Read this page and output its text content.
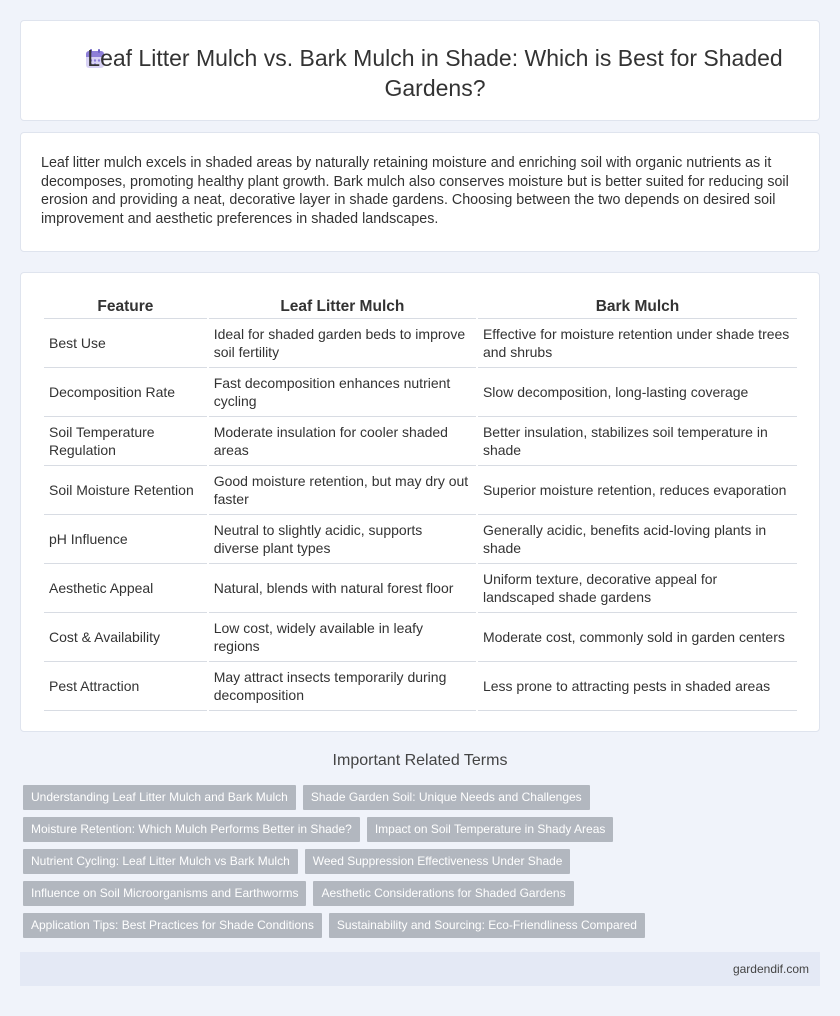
Leaf Litter Mulch vs. Bark Mulch in Shade: Which is Best for Shaded Gardens?

Leaf litter mulch excels in shaded areas by naturally retaining moisture and enriching soil with organic nutrients as it decomposes, promoting healthy plant growth. Bark mulch also conserves moisture but is better suited for reducing soil erosion and providing a neat, decorative layer in shade gardens. Choosing between the two depends on desired soil improvement and aesthetic preferences in shaded landscapes.

Feature	Leaf Litter Mulch	Bark Mulch
Best Use	Ideal for shaded garden beds to improve soil fertility	Effective for moisture retention under shade trees and shrubs
Decomposition Rate	Fast decomposition enhances nutrient cycling	Slow decomposition, long-lasting coverage
Soil Temperature Regulation	Moderate insulation for cooler shaded areas	Better insulation, stabilizes soil temperature in shade
Soil Moisture Retention	Good moisture retention, but may dry out faster	Superior moisture retention, reduces evaporation
pH Influence	Neutral to slightly acidic, supports diverse plant types	Generally acidic, benefits acid-loving plants in shade
Aesthetic Appeal	Natural, blends with natural forest floor	Uniform texture, decorative appeal for landscaped shade gardens
Cost & Availability	Low cost, widely available in leafy regions	Moderate cost, commonly sold in garden centers
Pest Attraction	May attract insects temporarily during decomposition	Less prone to attracting pests in shaded areas
Important Related Terms
Understanding Leaf Litter Mulch and Bark Mulch	Shade Garden Soil: Unique Needs and Challenges
Moisture Retention: Which Mulch Performs Better in Shade?	Impact on Soil Temperature in Shady Areas
Nutrient Cycling: Leaf Litter Mulch vs Bark Mulch	Weed Suppression Effectiveness Under Shade
Influence on Soil Microorganisms and Earthworms	Aesthetic Considerations for Shaded Gardens
Application Tips: Best Practices for Shade Conditions	Sustainability and Sourcing: Eco-Friendliness Compared
gardendif.com
